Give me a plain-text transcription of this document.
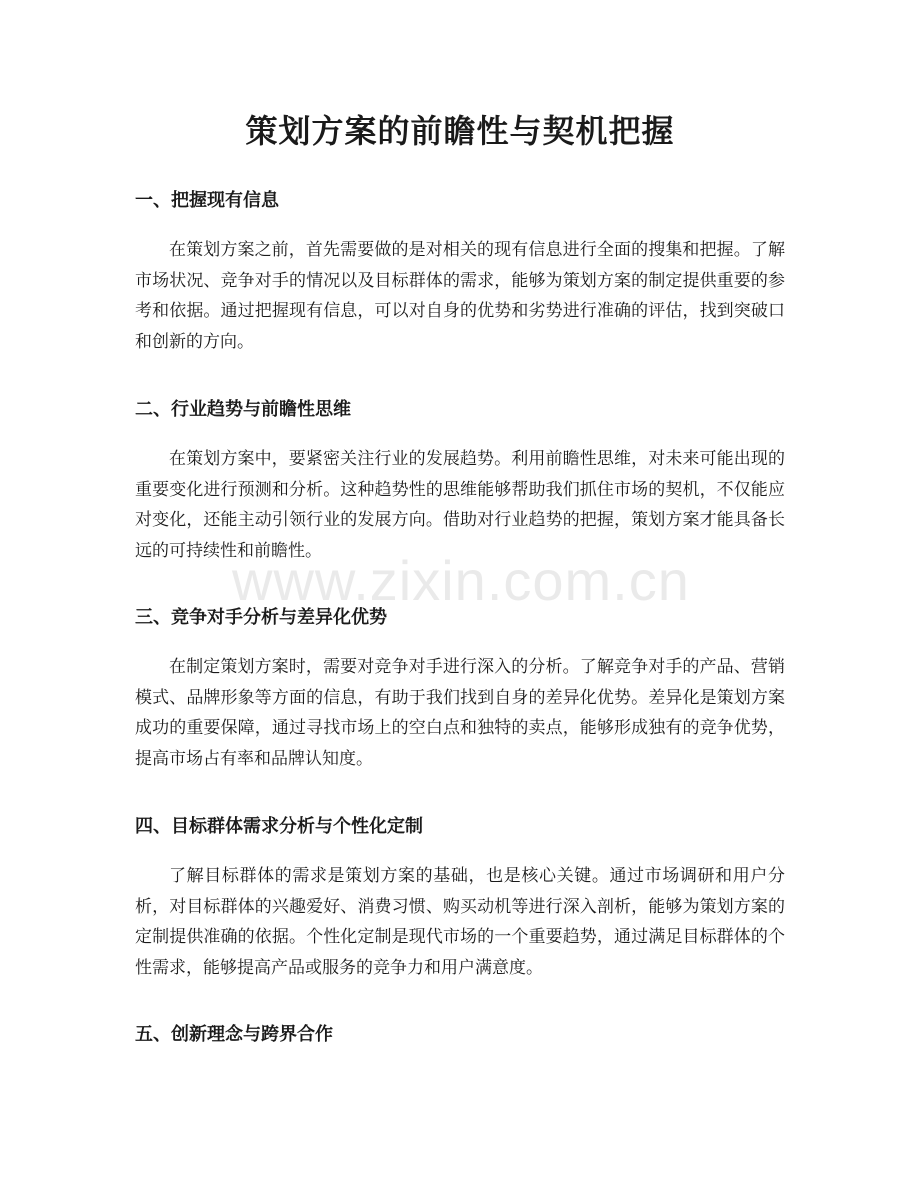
策划方案的前瞻性与契机把握
一、把握现有信息

在策划方案之前，首先需要做的是对相关的现有信息进行全面的搜集和把握。了解市场状况、竞争对手的情况以及目标群体的需求，能够为策划方案的制定提供重要的参考和依据。通过把握现有信息，可以对自身的优势和劣势进行准确的评估，找到突破口和创新的方向。

二、行业趋势与前瞻性思维

在策划方案中，要紧密关注行业的发展趋势。利用前瞻性思维，对未来可能出现的重要变化进行预测和分析。这种趋势性的思维能够帮助我们抓住市场的契机，不仅能应对变化，还能主动引领行业的发展方向。借助对行业趋势的把握，策划方案才能具备长远的可持续性和前瞻性。

三、竞争对手分析与差异化优势

在制定策划方案时，需要对竞争对手进行深入的分析。了解竞争对手的产品、营销模式、品牌形象等方面的信息，有助于我们找到自身的差异化优势。差异化是策划方案成功的重要保障，通过寻找市场上的空白点和独特的卖点，能够形成独有的竞争优势，提高市场占有率和品牌认知度。

四、目标群体需求分析与个性化定制

了解目标群体的需求是策划方案的基础，也是核心关键。通过市场调研和用户分析，对目标群体的兴趣爱好、消费习惯、购买动机等进行深入剖析，能够为策划方案的定制提供准确的依据。个性化定制是现代市场的一个重要趋势，通过满足目标群体的个性需求，能够提高产品或服务的竞争力和用户满意度。

五、创新理念与跨界合作
www.zixin.com.cn
